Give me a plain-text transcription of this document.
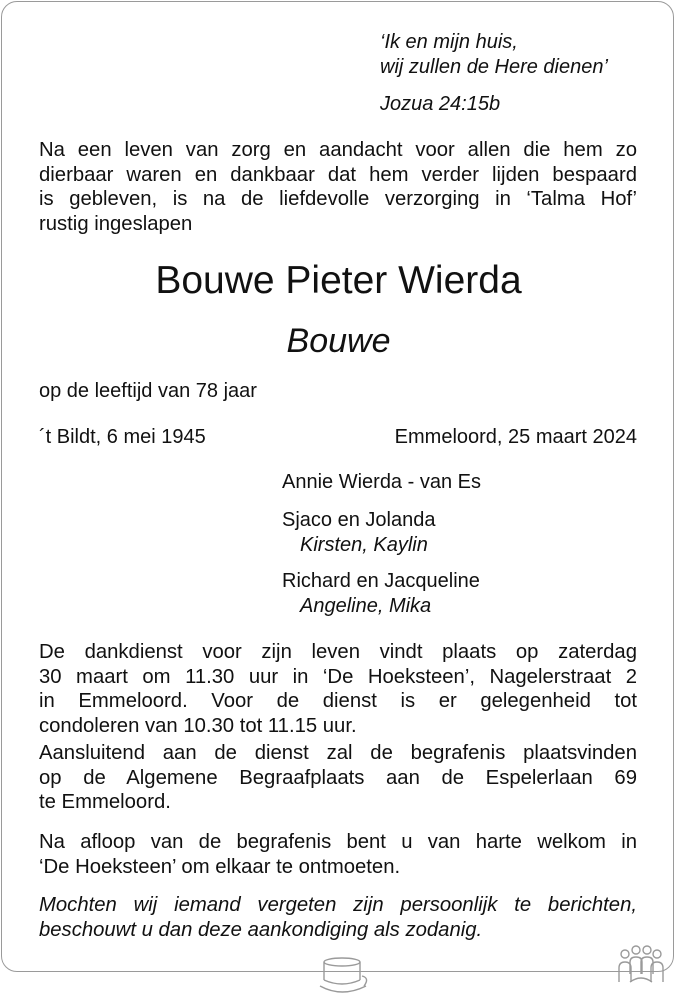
‘Ik en mijn huis,

wij zullen de Here dienen’

Jozua 24:15b

Na een leven van zorg en aandacht voor allen die hem zo
dierbaar waren en dankbaar dat hem verder lijden bespaard
is gebleven, is na de liefdevolle verzorging in ‘Talma Hof’
rustig ingeslapen

Bouwe Pieter Wierda

Bouwe

op de leeftijd van 78 jaar

´t Bildt, 6 mei 1945	Emmeloord, 25 maart 2024

Annie Wierda - van Es

Sjaco en Jolanda

Kirsten, Kaylin

Richard en Jacqueline

Angeline, Mika

De dankdienst voor zijn leven vindt plaats op zaterdag
30 maart om 11.30 uur in ‘De Hoeksteen’, Nagelerstraat 2
in Emmeloord. Voor de dienst is er gelegenheid tot
condoleren van 10.30 tot 11.15 uur.

Aansluitend aan de dienst zal de begrafenis plaatsvinden
op de Algemene Begraafplaats aan de Espelerlaan 69
te Emmeloord.

Na afloop van de begrafenis bent u van harte welkom in
‘De Hoeksteen’ om elkaar te ontmoeten.

Mochten wij iemand vergeten zijn persoonlijk te berichten,
beschouwt u dan deze aankondiging als zodanig.
